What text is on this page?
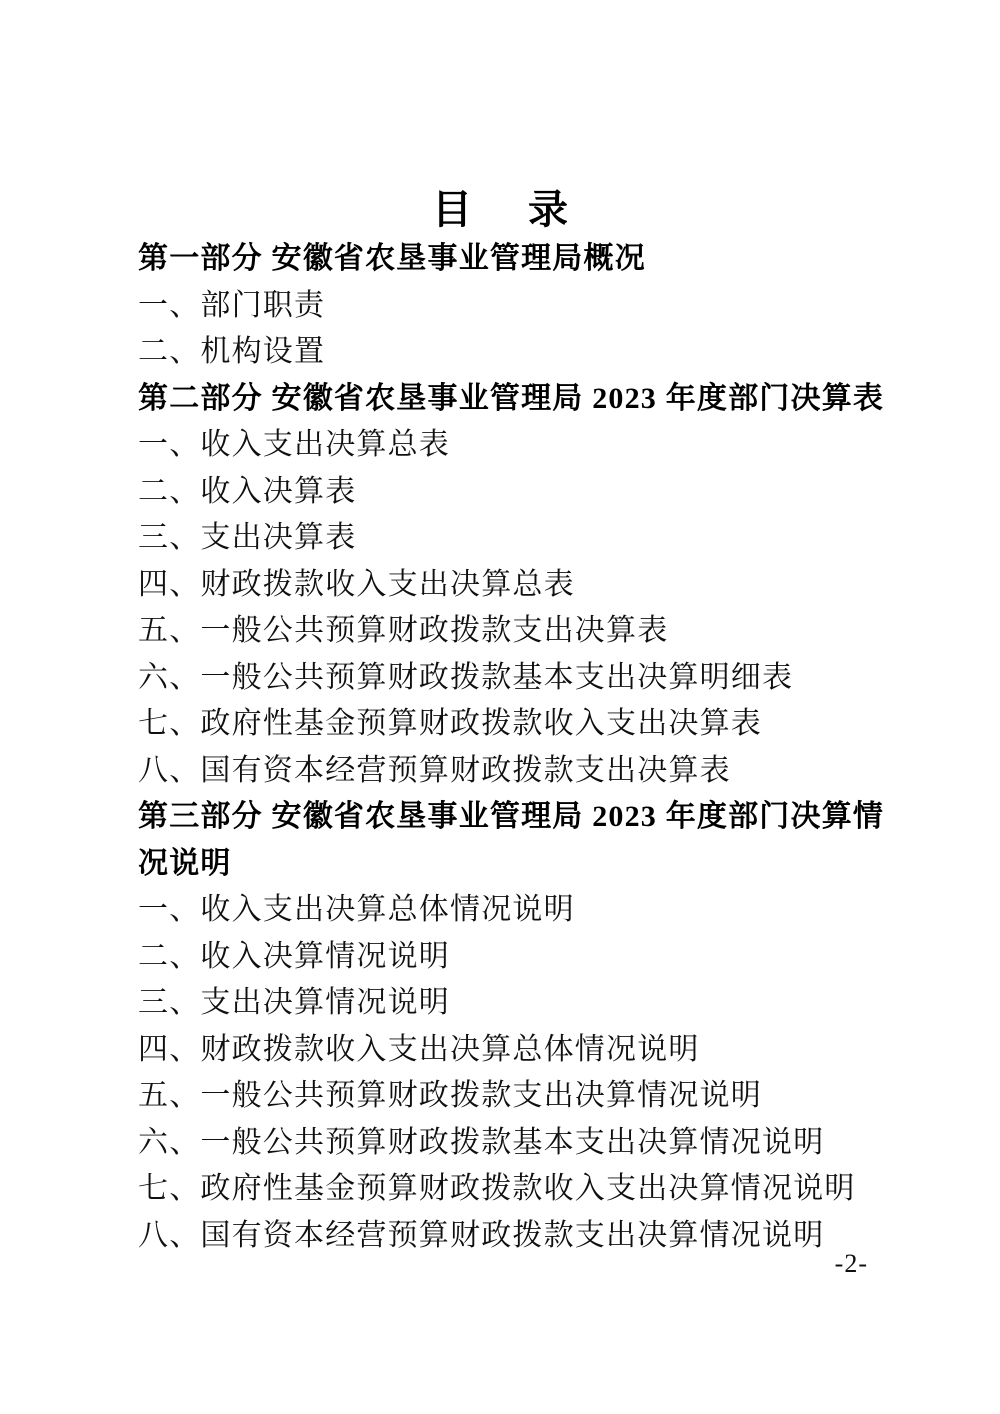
目　录
第一部分 安徽省农垦事业管理局概况
一、部门职责
二、机构设置
第二部分 安徽省农垦事业管理局 2023 年度部门决算表
一、收入支出决算总表
二、收入决算表
三、支出决算表
四、财政拨款收入支出决算总表
五、一般公共预算财政拨款支出决算表
六、一般公共预算财政拨款基本支出决算明细表
七、政府性基金预算财政拨款收入支出决算表
八、国有资本经营预算财政拨款支出决算表
第三部分 安徽省农垦事业管理局 2023 年度部门决算情
况说明
一、收入支出决算总体情况说明
二、收入决算情况说明
三、支出决算情况说明
四、财政拨款收入支出决算总体情况说明
五、一般公共预算财政拨款支出决算情况说明
六、一般公共预算财政拨款基本支出决算情况说明
七、政府性基金预算财政拨款收入支出决算情况说明
八、国有资本经营预算财政拨款支出决算情况说明
-2-
